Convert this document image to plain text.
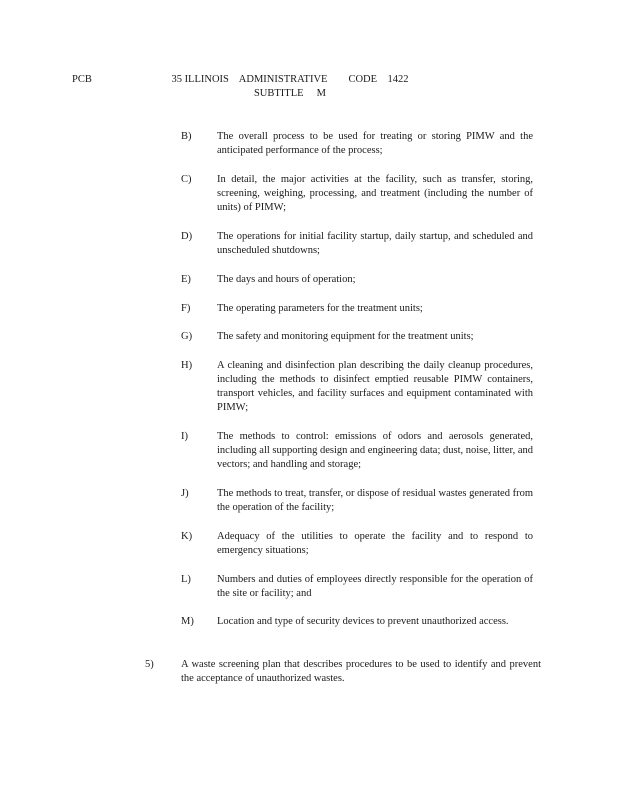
PCB	35 ILLINOIS    ADMINISTRATIVE        CODE    1422
SUBTITLE     M
B) The overall process to be used for treating or storing PIMW and the anticipated performance of the process;
C) In detail, the major activities at the facility, such as transfer, storing, screening, weighing, processing, and treatment (including the number of units) of PIMW;
D) The operations for initial facility startup, daily startup, and scheduled and unscheduled shutdowns;
E) The days and hours of operation;
F)	The operating parameters for the treatment units;
G) The safety and monitoring equipment for the treatment units;
H) A cleaning and disinfection plan describing the daily cleanup procedures, including the methods to disinfect emptied reusable PIMW containers, transport vehicles, and facility surfaces and equipment contaminated with PIMW;
I)	The methods to control: emissions of odors and aerosols generated, including all supporting design and engineering data; dust, noise, litter, and vectors; and handling and storage;
J)	The methods to treat, transfer, or dispose of residual wastes generated from the operation of the facility;
K) Adequacy of the utilities to operate the facility and to respond to emergency situations;
L) Numbers and duties of employees directly responsible for the operation of the site or facility; and
M) Location and type of security devices to prevent unauthorized access.
5)	A waste screening plan that describes procedures to be used to identify and prevent the acceptance of unauthorized wastes.
